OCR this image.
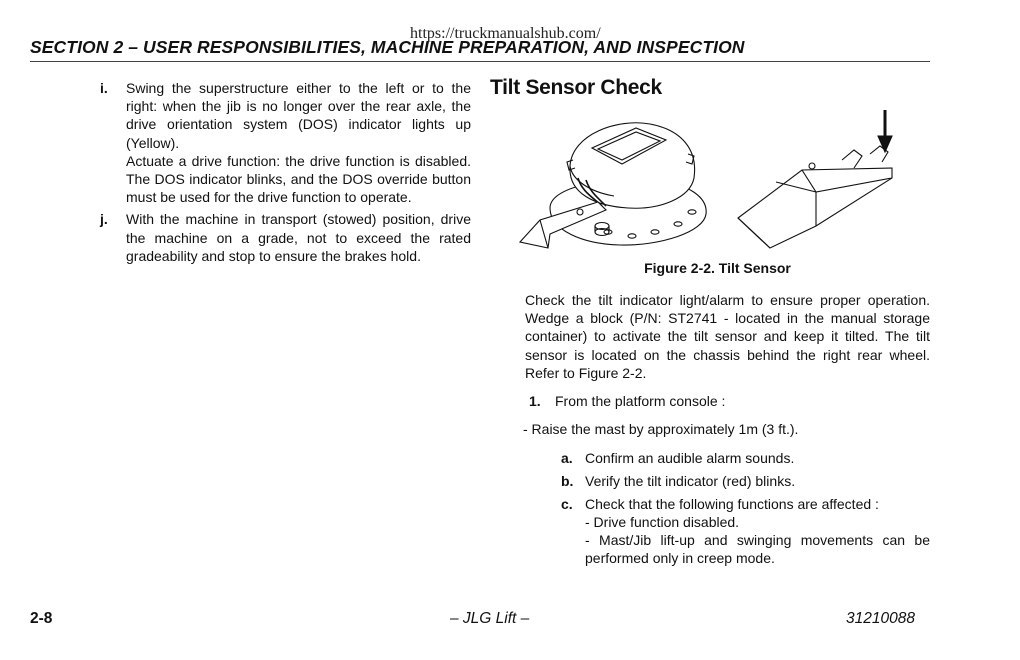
https://truckmanualshub.com/
SECTION 2 – USER RESPONSIBILITIES, MACHINE PREPARATION, AND INSPECTION
i.	Swing the superstructure either to the left or to the right: when the jib is no longer over the rear axle, the drive orientation system (DOS) indicator lights up (Yellow).
Actuate a drive function: the drive function is disabled. The DOS indicator blinks, and the DOS override button must be used for the drive function to operate.
j.	With the machine in transport (stowed) position, drive the machine on a grade, not to exceed the rated gradeability and stop to ensure the brakes hold.
Tilt Sensor Check
Figure 2-2. Tilt Sensor
Check the tilt indicator light/alarm to ensure proper operation. Wedge a block (P/N: ST2741 - located in the manual storage container) to activate the tilt sensor and keep it tilted. The tilt sensor is located on the chassis behind the right rear wheel. Refer to Figure 2-2.
1.	From the platform console :
- Raise the mast by approximately 1m (3 ft.).
a. Confirm an audible alarm sounds.
b. Verify the tilt indicator (red) blinks.
c. Check that the following functions are affected :
- Drive function disabled.
- Mast/Jib lift-up and swinging movements can be performed only in creep mode.
2-8	– JLG Lift –	31210088
